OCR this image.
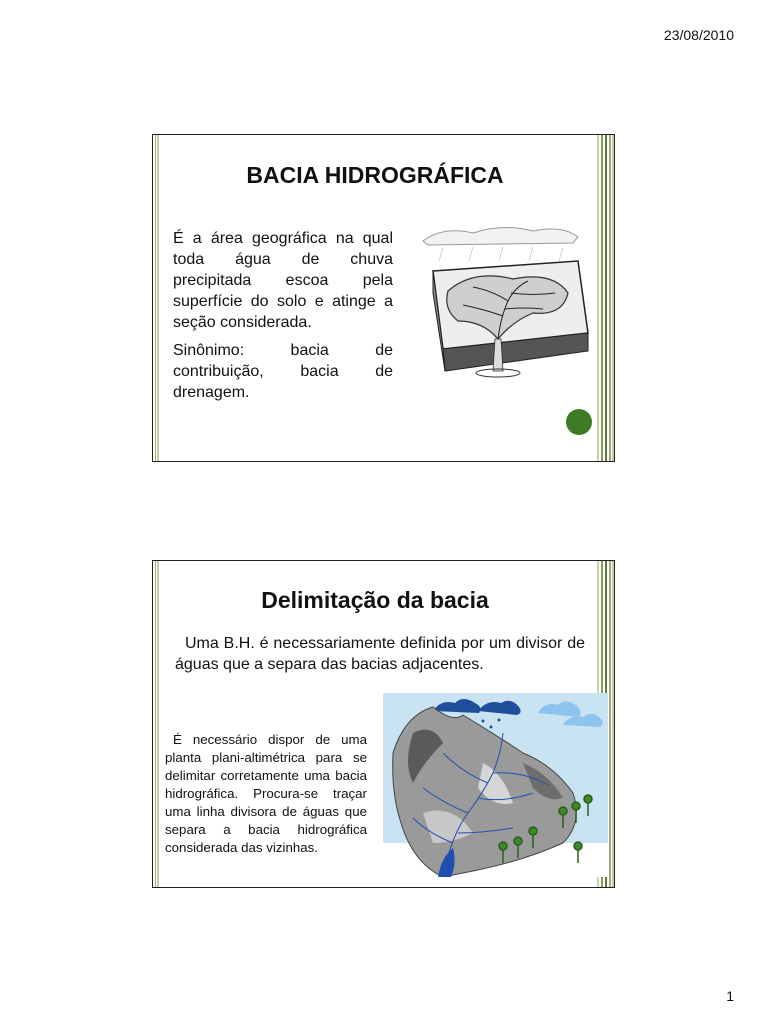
23/08/2010
BACIA HIDROGRÁFICA

É a área geográfica na qual toda água de chuva precipitada escoa pela superfície do solo e atinge a seção considerada.

Sinônimo: bacia de contribuição, bacia de drenagem.

Delimitação da bacia

Uma B.H. é necessariamente definida por um divisor de águas que a separa das bacias adjacentes.

É necessário dispor de uma planta plani-altimétrica para se delimitar corretamente uma bacia hidrográfica. Procura-se traçar uma linha divisora de águas que separa a bacia hidrográfica considerada das vizinhas.

1
